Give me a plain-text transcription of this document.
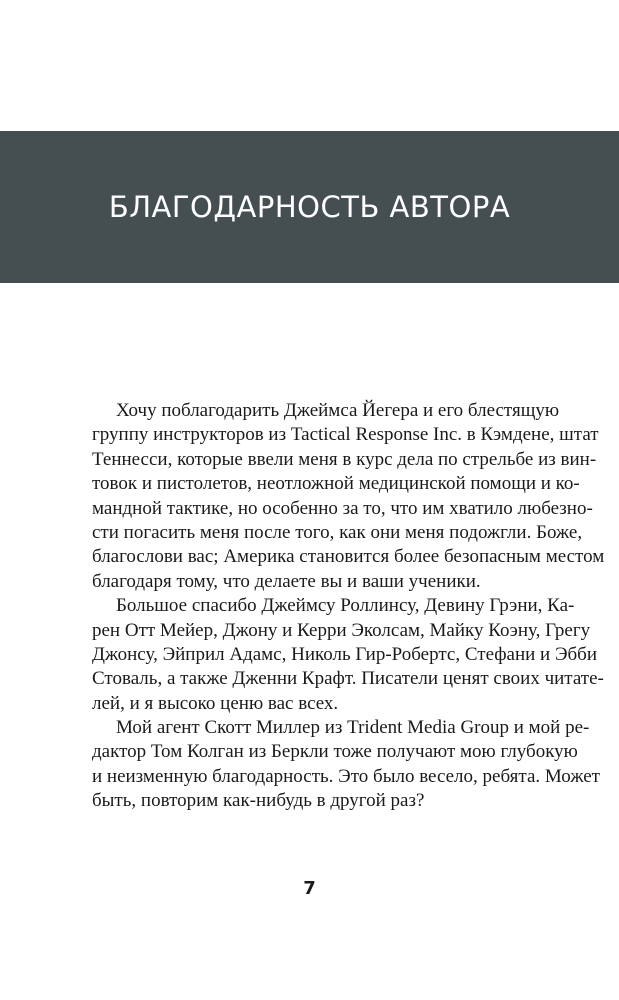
БЛАГОДАРНОСТЬ АВТОРА
Хочу поблагодарить Джеймса Йегера и его блестящую
группу инструкторов из Tactical Response Inc. в Кэмдене, штат
Теннесси, которые ввели меня в курс дела по стрельбе из вин-
товок и пистолетов, неотложной медицинской помощи и ко-
мандной тактике, но особенно за то, что им хватило любезно-
сти погасить меня после того, как они меня подожгли. Боже,
благослови вас; Америка становится более безопасным местом
благодаря тому, что делаете вы и ваши ученики.
Большое спасибо Джеймсу Роллинсу, Девину Грэни, Ка-
рен Отт Мейер, Джону и Керри Эколсам, Майку Коэну, Грегу
Джонсу, Эйприл Адамс, Николь Гир-Робертс, Стефани и Эбби
Стоваль, а также Дженни Крафт. Писатели ценят своих читате-
лей, и я высоко ценю вас всех.
Мой агент Скотт Миллер из Trident Media Group и мой ре-
дактор Том Колган из Беркли тоже получают мою глубокую
и неизменную благодарность. Это было весело, ребята. Может
быть, повторим как-нибудь в другой раз?
7
